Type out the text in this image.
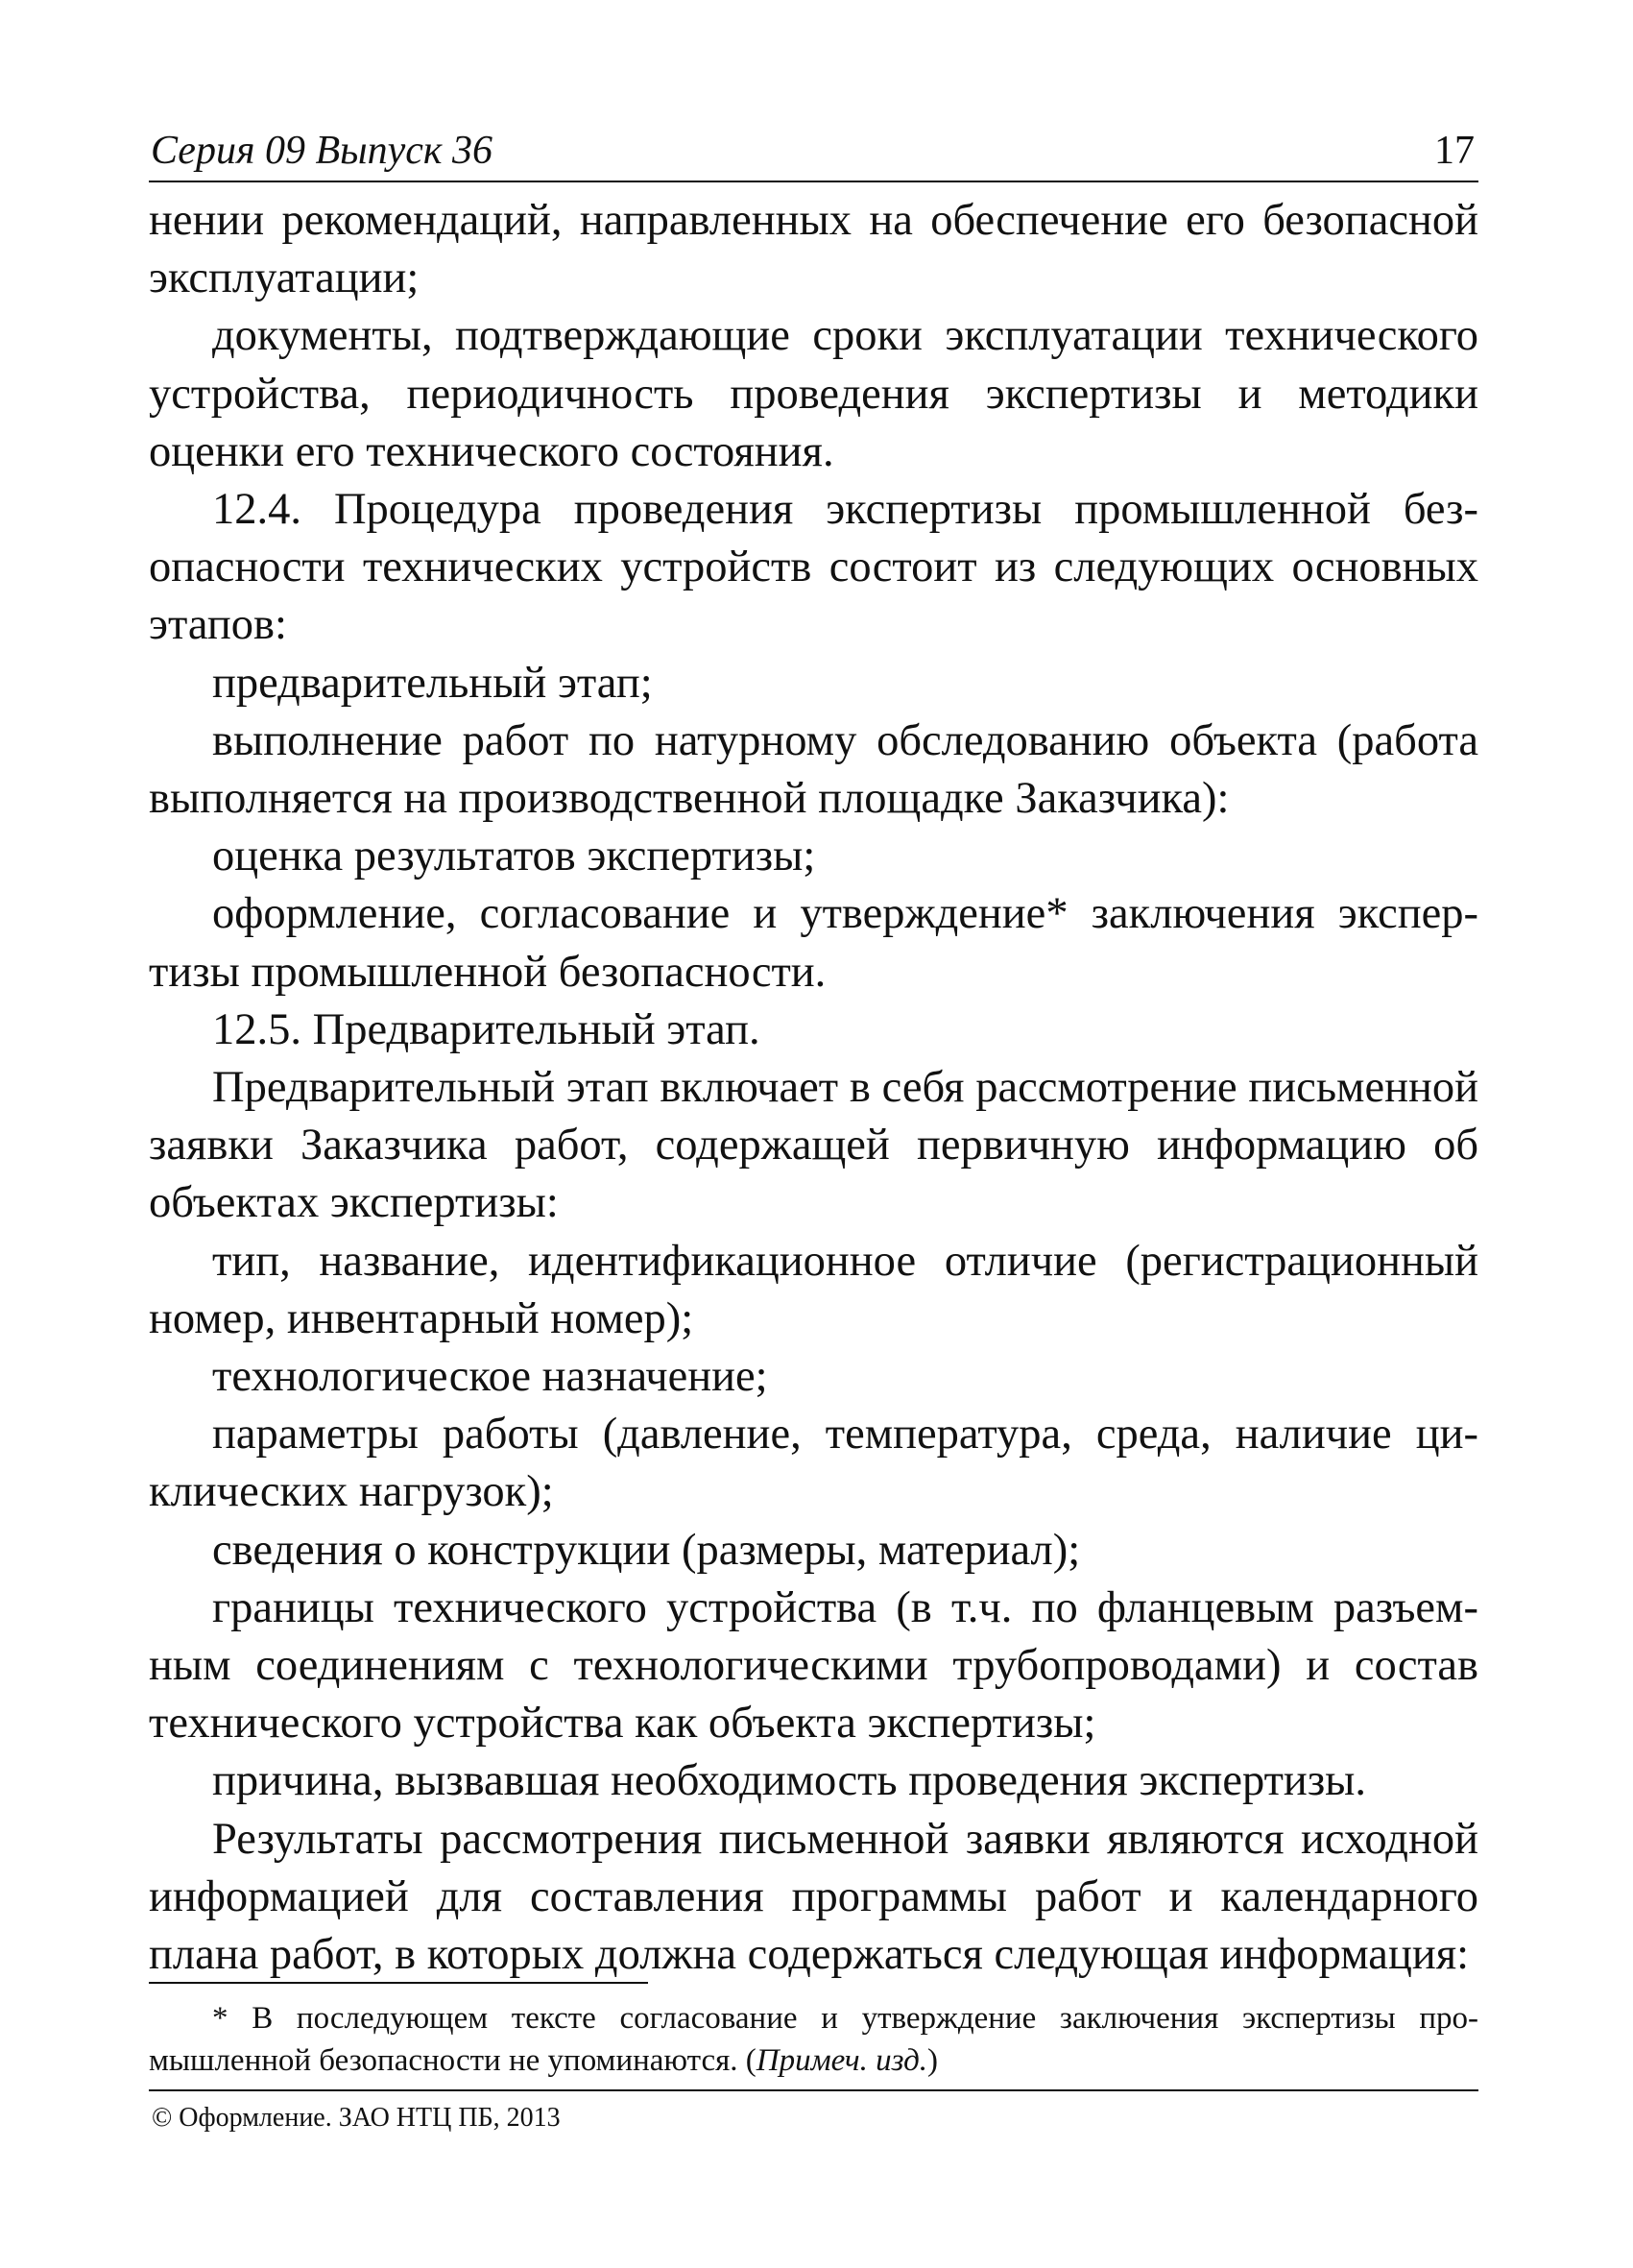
Серия 09 Выпуск 36	17

нении рекомендаций, направленных на обеспечение его безопасной эксплуатации;

документы, подтверждающие сроки эксплуатации технического устройства, периодичность проведения экспертизы и методики оценки его технического состояния.

12.4. Процедура проведения экспертизы промышленной безопасности технических устройств состоит из следующих основных этапов:

предварительный этап;

выполнение работ по натурному обследованию объекта (работа выполняется на производственной площадке Заказчика):

оценка результатов экспертизы;

оформление, согласование и утверждение* заключения экспертизы промышленной безопасности.

12.5. Предварительный этап.

Предварительный этап включает в себя рассмотрение письменной заявки Заказчика работ, содержащей первичную информацию об объектах экспертизы:

тип, название, идентификационное отличие (регистрационный номер, инвентарный номер);

технологическое назначение;

параметры работы (давление, температура, среда, наличие циклических нагрузок);

сведения о конструкции (размеры, материал);

границы технического устройства (в т.ч. по фланцевым разъемным соединениям с технологическими трубопроводами) и состав технического устройства как объекта экспертизы;

причина, вызвавшая необходимость проведения экспертизы.

Результаты рассмотрения письменной заявки являются исходной информацией для составления программы работ и календарного плана работ, в которых должна содержаться следующая информация:

* В последующем тексте согласование и утверждение заключения экспертизы промышленной безопасности не упоминаются. (Примеч. изд.)

© Оформление. ЗАО НТЦ ПБ, 2013
